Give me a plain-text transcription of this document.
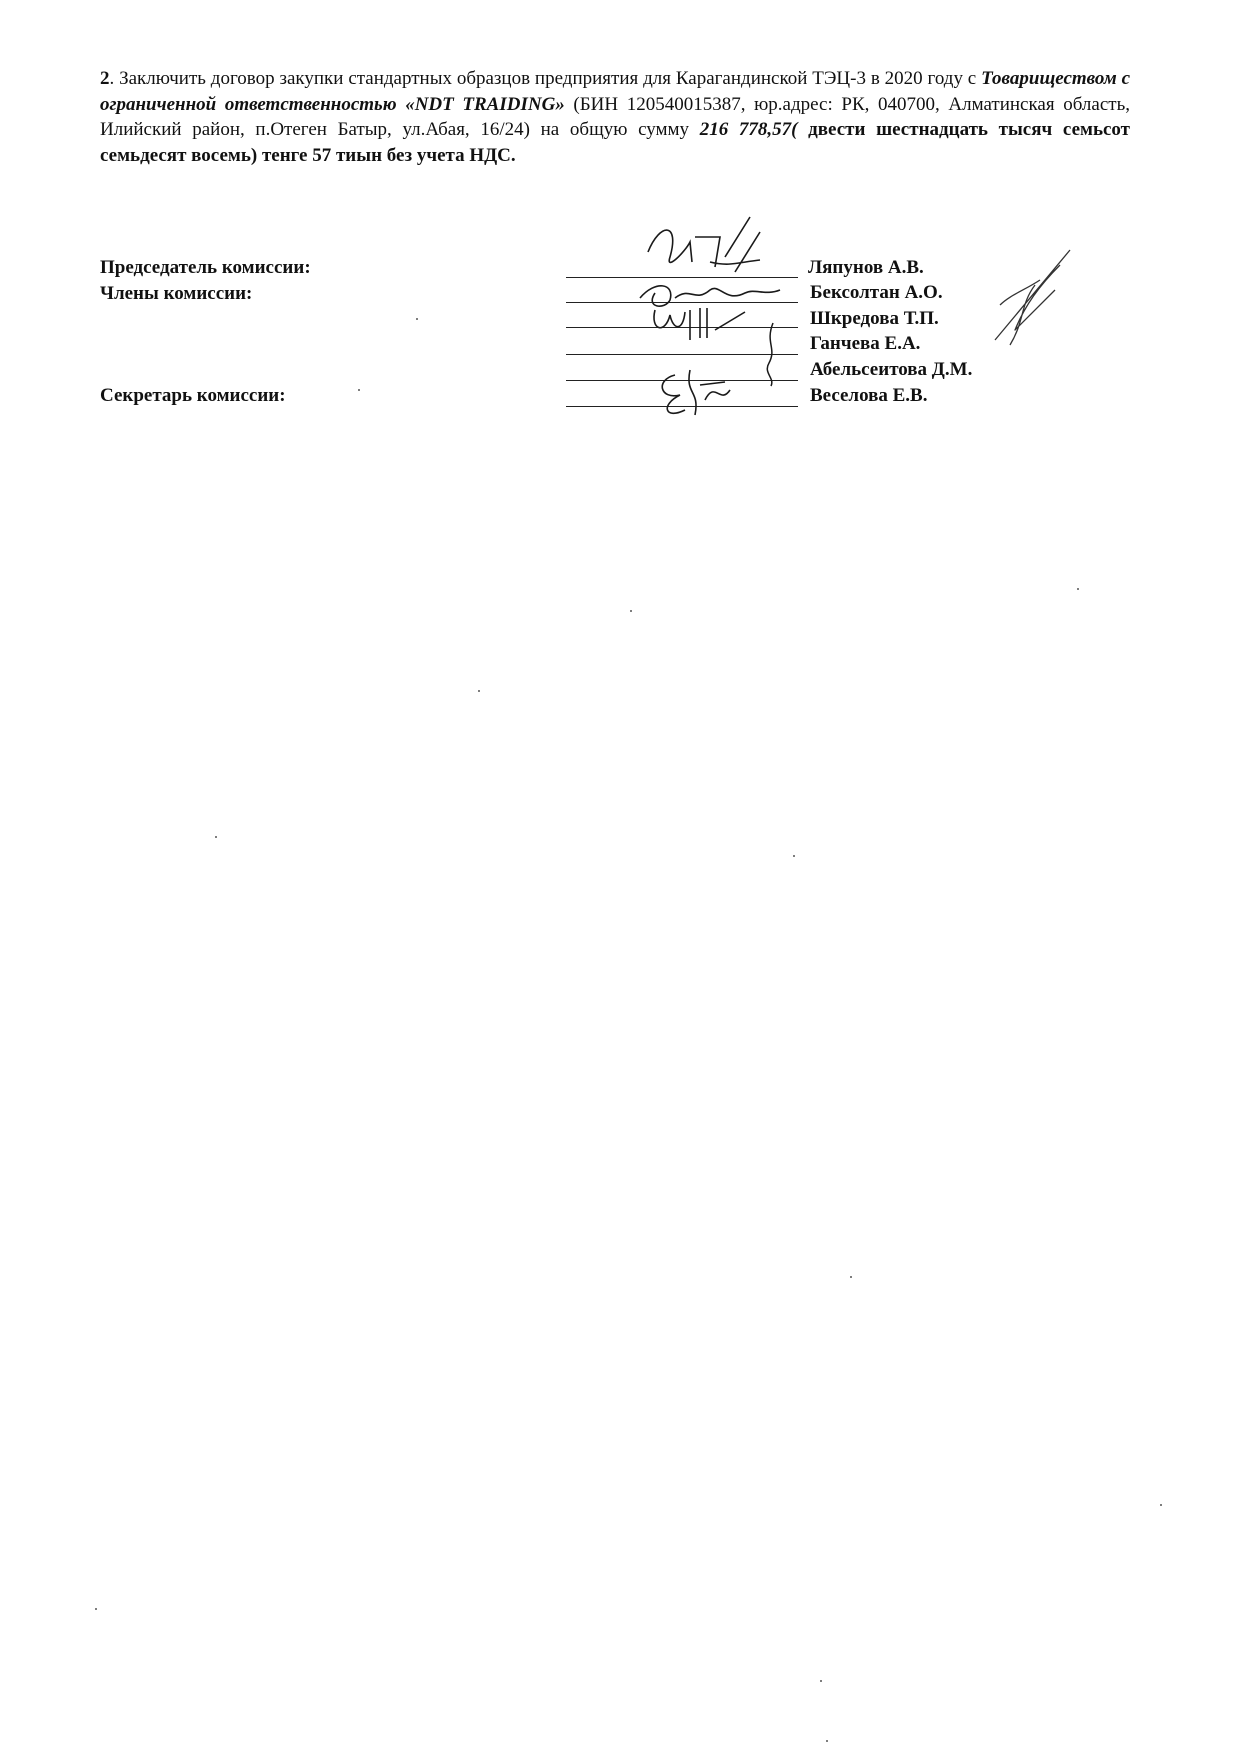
2. Заключить договор закупки стандартных образцов предприятия для Карагандинской ТЭЦ-3 в 2020 году с Товариществом с ограниченной ответственностью «NDT TRAIDING» (БИН 120540015387, юр.адрес: РК, 040700, Алматинская область, Илийский район, п.Отеген Батыр, ул.Абая, 16/24) на общую сумму 216 778,57( двести шестнадцать тысяч семьсот семьдесят восемь) тенге 57 тиын без учета НДС.
Председатель комиссии:
Члены комиссии:
Секретарь комиссии:
Ляпунов А.В.
Бексолтан А.О.
Шкредова Т.П.
Ганчева Е.А.
Абельсеитова Д.М.
Веселова Е.В.
